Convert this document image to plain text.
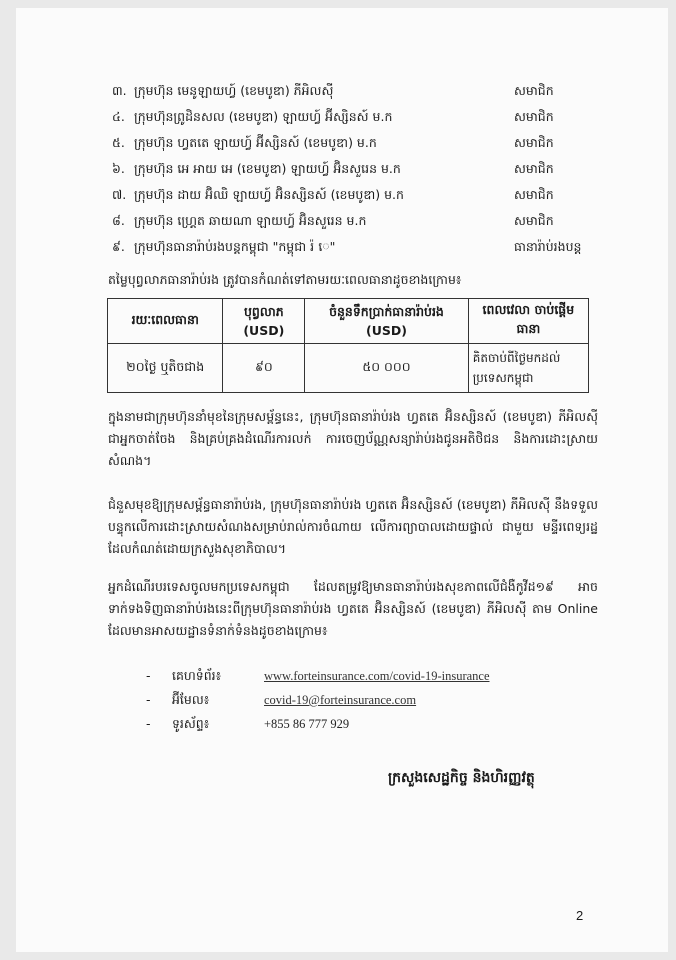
៣. ក្រុមហ៊ុន មេនូឡាយហ្វ៍ (ខេមបូឌា) ភីអិលស៊ី	សមាជិក
៤. ក្រុមហ៊ុនព្រូដិនសល (ខេមបូឌា) ឡាយហ្វ៍ អ៊ីស្សិនស៍ ម.ក	សមាជិក
៥. ក្រុមហ៊ុន ហ្វតតេ ឡាយហ្វ៍ អ៊ីស្សិនស៍ (ខេមបូឌា) ម.ក	សមាជិក
៦. ក្រុមហ៊ុន អេ អាយ អេ (ខេមបូឌា) ឡាយហ្វ៍ អ៊ិនសួរេន ម.ក	សមាជិក
៧. ក្រុមហ៊ុន ដាយ អ៊ិឈិ ឡាយហ្វ៍ អ៊ិនស្សិនស៍ (ខេមបូឌា) ម.ក	សមាជិក
៨. ក្រុមហ៊ុន ហ្គ្រេត ឆាយណា ឡាយហ្វ៍ អ៊ិនសួរេន ម.ក	សមាជិក
៩. ក្រុមហ៊ុនធានារ៉ាប់រងបន្តកម្ពុជា "កម្ពុជា រ៉ េ"	ធានារ៉ាប់រងបន្ត
តម្លៃបុព្វលាភធានារ៉ាប់រង ត្រូវបានកំណត់ទៅតាមរយៈពេលធានាដូចខាងក្រោម៖
រយៈពេលធានា	បុព្វលាភ (USD)	ចំនួនទឹកប្រាក់ធានារ៉ាប់រង (USD)	ពេលវេលា ចាប់ផ្តើមធានា
២០ថ្ងៃ ឬតិចជាង	៩០	៥០ ០០០	គិតចាប់ពីថ្ងៃមកដល់ ប្រទេសកម្ពុជា
ក្នុងនាមជាក្រុមហ៊ុននាំមុខនៃក្រុមសម្ព័ន្ធនេះ, ក្រុមហ៊ុនធានារ៉ាប់រង ហ្វតតេ អ៊ិនស្សិនស៍ (ខេមបូឌា) ភីអិលស៊ី ជាអ្នកចាត់ចែង និងគ្រប់គ្រងដំណើរការលក់ ការចេញប័ណ្ណសន្យារ៉ាប់រងជូនអតិថិជន និងការដោះស្រាយសំណង។
ជំនួសមុខឱ្យក្រុមសម្ព័ន្ធធានារ៉ាប់រង, ក្រុមហ៊ុនធានារ៉ាប់រង ហ្វតតេ អ៊ិនស្សិនស៍ (ខេមបូឌា) ភីអិលស៊ី នឹងទទួលបន្ទុកលើការដោះស្រាយសំណងសម្រាប់រាល់ការចំណាយ លើការព្យាបាលដោយផ្ទាល់ ជាមួយ មន្ទីរពេទ្យរដ្ឋដែលកំណត់ដោយក្រសួងសុខាភិបាល។
អ្នកដំណើរបរទេសចូលមកប្រទេសកម្ពុជា ដែលតម្រូវឱ្យមានធានារ៉ាប់រងសុខភាពលើជំងឺកូវីដ១៩ អាចទាក់ទងទិញធានារ៉ាប់រងនេះពីក្រុមហ៊ុនធានារ៉ាប់រង ហ្វតតេ អ៊ិនស្សិនស៍ (ខេមបូឌា) ភីអិលស៊ី តាម Online ដែលមានអាសយដ្ឋានទំនាក់ទំនងដូចខាងក្រោម៖
- គេហទំព័រ៖	www.forteinsurance.com/covid-19-insurance
- អ៊ីមែល៖	covid-19@forteinsurance.com
- ទូរស័ព្ទ៖	+855 86 777 929
ក្រសួងសេដ្ឋកិច្ច និងហិរញ្ញវត្ថុ
2
